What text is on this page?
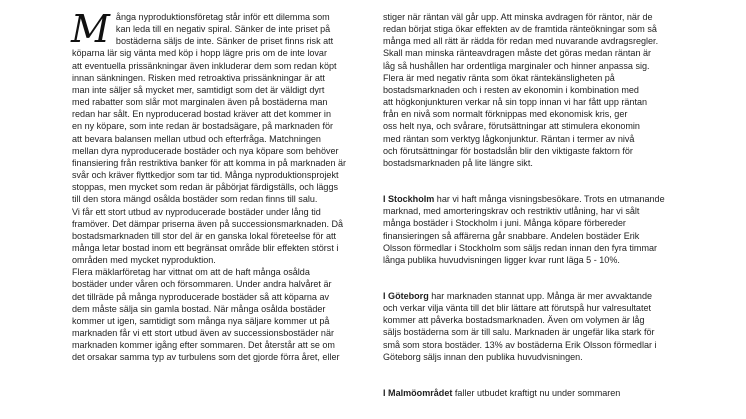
M ånga nyproduktionsföretag står inför ett dilemma som
kan leda till en negativ spiral. Sänker de inte priset på
bostäderna säljs de inte. Sänker de priset finns risk att
köparna lär sig vänta med köp i hopp lägre pris om de inte lovar
att eventuella prissänkningar även inkluderar dem som redan köpt
innan sänkningen. Risken med retroaktiva prissänkningar är att
man inte säljer så mycket mer, samtidigt som det är väldigt dyrt
med rabatter som slår mot marginalen även på bostäderna man
redan har sålt. En nyproducerad bostad kräver att det kommer in
en ny köpare, som inte redan är bostadsägare, på marknaden för
att bevara balansen mellan utbud och efterfråga. Matchningen
mellan dyra nyproducerade bostäder och nya köpare som behöver
finansiering från restriktiva banker för att komma in på marknaden är
svår och kräver flyttkedjor som tar tid. Många nyproduktionsprojekt
stoppas, men mycket som redan är påbörjat färdigställs, och läggs
till den stora mängd osålda bostäder som redan finns till salu.
Vi får ett stort utbud av nyproducerade bostäder under lång tid
framöver. Det dämpar priserna även på successionsmarknaden. Då
bostadsmarknaden till stor del är en ganska lokal företeelse för att
många letar bostad inom ett begränsat område blir effekten störst i
områden med mycket nyproduktion.
Flera mäklarföretag har vittnat om att de haft många osålda
bostäder under våren och försommaren. Under andra halvåret är
det tillräde på många nyproducerade bostäder så att köparna av
dem måste sälja sin gamla bostad. När många osålda bostäder
kommer ut igen, samtidigt som många nya säljare kommer ut på
marknaden får vi ett stort utbud även av successionsbostäder när
marknaden kommer igång efter sommaren. Det återstår att se om
det orsakar samma typ av turbulens som det gjorde förra året, eller
stiger när räntan väl går upp. Att minska avdragen för räntor, när de
redan börjat stiga ökar effekten av de framtida ränteökningar som så
många med all rätt är rädda för redan med nuvarande avdragsregler.
Skall man minska ränteavdragen måste det göras medan räntan är
låg så hushållen har ordentliga marginaler och hinner anpassa sig.
Flera är med negativ ränta som ökat räntekänsligheten på
bostadsmarknaden och i resten av ekonomin i kombination med
att högkonjunkturen verkar nå sin topp innan vi har fått upp räntan
från en nivå som normalt förknippas med ekonomisk kris, ger
oss helt nya, och svårare, förutsättningar att stimulera ekonomin
med räntan som verktyg lågkonjunktur. Räntan i termer av nivå
och förutsättningar för bostadslån blir den viktigaste faktorn för
bostadsmarknaden på lite längre sikt.
I Stockholm har vi haft många visningsbesökare. Trots en utmanande
marknad, med amorteringskrav och restriktiv utlåning, har vi sålt
många bostäder i Stockholm i juni. Många köpare förbereder
finansieringen så affärerna går snabbare. Andelen bostäder Erik
Olsson förmedlar i Stockholm som säljs redan innan den fyra timmar
långa publika huvudvisningen ligger kvar runt läga 5 - 10%.
I Göteborg har marknaden stannat upp. Många är mer avvaktande
och verkar vilja vänta till det blir lättare att förutspå hur valresultatet
kommer att påverka bostadsmarknaden. Även om volymen är låg
säljs bostäderna som är till salu. Marknaden är ungefär lika stark för
små som stora bostäder. 13% av bostäderna Erik Olsson förmedlar i
Göteborg säljs innan den publika huvudvisningen.
I Malmöområdet faller utbudet kraftigt nu under sommaren
